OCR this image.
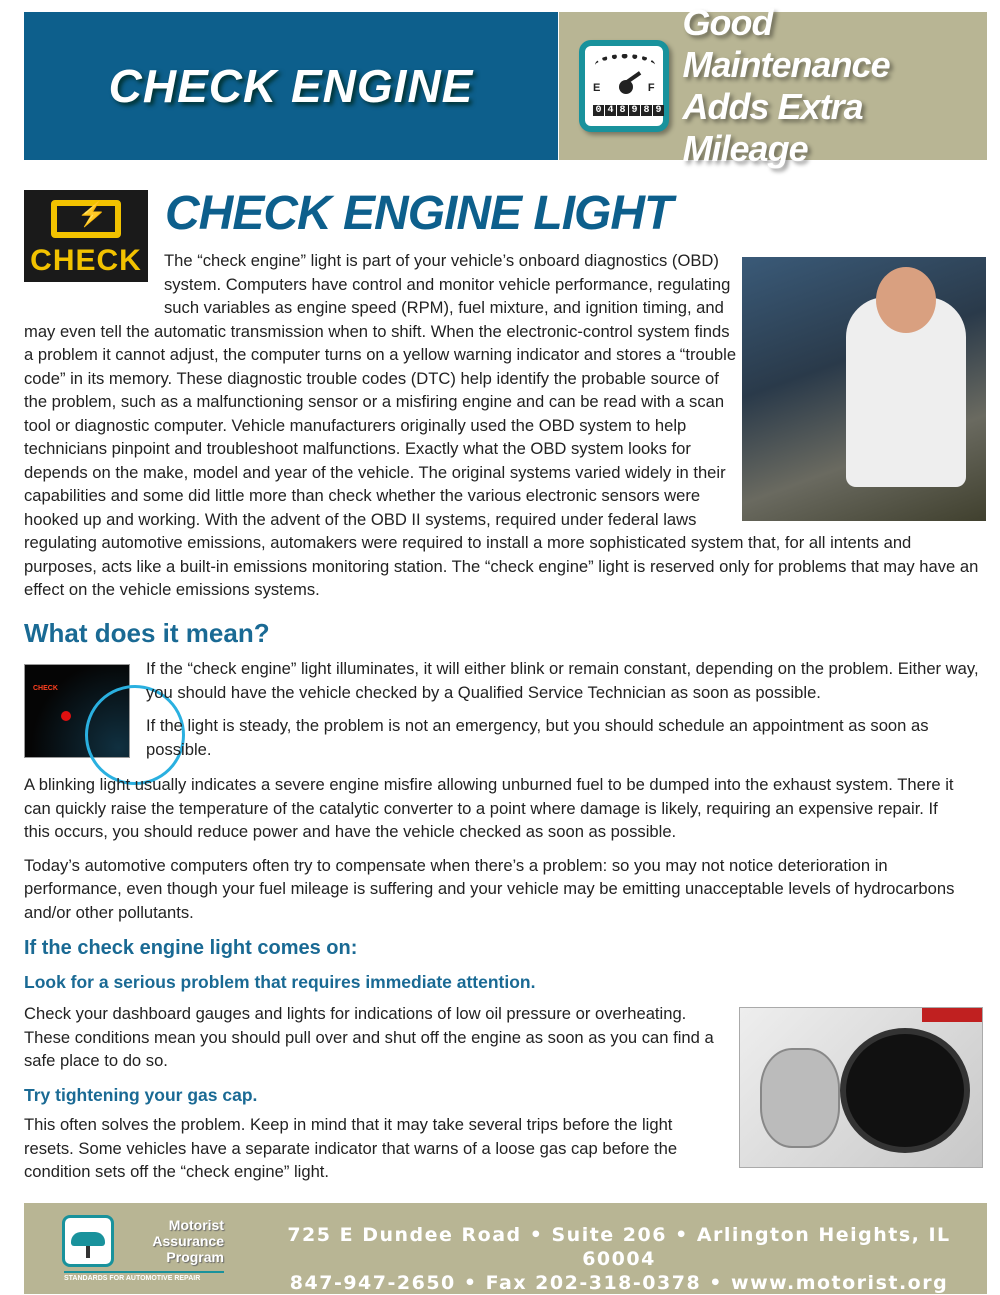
CHECK ENGINE	E	F
0 4 8 9 8 9
Good Maintenance
Adds Extra Mileage
⚡
CHECK
CHECK ENGINE LIGHT
The “check engine” light is part of your vehicle’s onboard diagnostics (OBD) system. Computers have control and monitor vehicle performance, regulating such variables as engine speed (RPM), fuel mixture, and ignition timing, and may even tell the automatic transmission when to shift. When the electronic-control system finds a problem it cannot adjust, the computer turns on a yellow warning indicator and stores a “trouble code” in its memory. These diagnostic trouble codes (DTC) help identify the probable source of the problem, such as a malfunctioning sensor or a misfiring engine and can be read with a scan tool or diagnostic computer. Vehicle manufacturers originally used the OBD system to help technicians pinpoint and troubleshoot malfunctions. Exactly what the OBD system looks for depends on the make, model and year of the vehicle. The original systems varied widely in their capabilities and some did little more than check whether the various electronic sensors were hooked up and working. With the advent of the OBD II systems, required under federal laws regulating automotive emissions, automakers were required to install a more sophisticated system that, for all intents and purposes, acts like a built-in emissions monitoring station. The “check engine” light is reserved only for problems that may have an effect on the vehicle emissions systems.
What does it mean?
CHECK

If the “check engine” light illuminates, it will either blink or remain constant, depending on the problem. Either way, you should have the vehicle checked by a Qualified Service Technician as soon as possible.

If the light is steady, the problem is not an emergency, but you should schedule an appointment as soon as possible.

A blinking light usually indicates a severe engine misfire allowing unburned fuel to be dumped into the exhaust system. There it can quickly raise the temperature of the catalytic converter to a point where damage is likely, requiring an expensive repair. If this occurs, you should reduce power and have the vehicle checked as soon as possible.

Today’s automotive computers often try to compensate when there’s a problem: so you may not notice deterioration in performance, even though your fuel mileage is suffering and your vehicle may be emitting unacceptable levels of hydrocarbons and/or other pollutants.

If the check engine light comes on:
Look for a serious problem that requires immediate attention.

Check your dashboard gauges and lights for indications of low oil pressure or overheating. These conditions mean you should pull over and shut off the engine as soon as you can find a safe place to do so.

Try tightening your gas cap.

This often solves the problem. Keep in mind that it may take several trips before the light resets. Some vehicles have a separate indicator that warns of a loose gas cap before the condition sets off the “check engine” light.

Motorist
Assurance
Program
STANDARDS FOR AUTOMOTIVE REPAIR
725 E Dundee Road • Suite 206 • Arlington Heights, IL 60004
847-947-2650 • Fax 202-318-0378 • www.motorist.org
